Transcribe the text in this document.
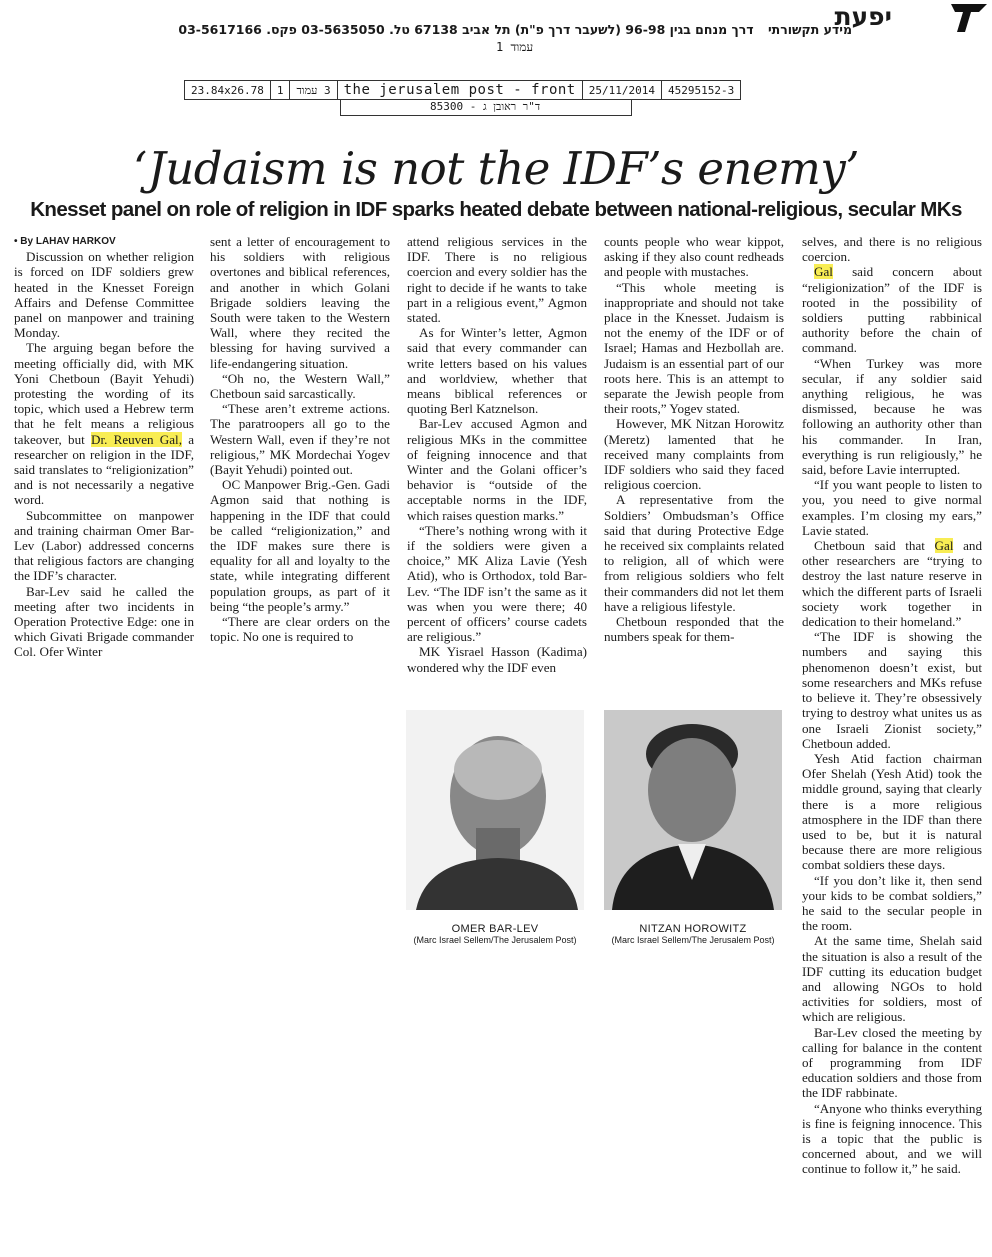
יפעת
מידע תקשורתי דרך מנחם בגין 96-98 (לשעבר דרך פ"ת) תל אביב 67138 טל. 03-5635050 פקס. 03-5617166
עמוד 1
23.84x26.78	1	3 עמוד	the jerusalem post - front	25/11/2014	45295152-3
ד"ר ראובן ג - 85300
‘Judaism is not the IDF’s enemy’
Knesset panel on role of religion in IDF sparks heated debate between national-religious, secular MKs

• By LAHAV HARKOV

Discussion on whether religion is forced on IDF soldiers grew heated in the Knesset Foreign Affairs and Defense Committee panel on manpower and training Monday.

The arguing began before the meeting officially did, with MK Yoni Chetboun (Bayit Yehudi) protesting the wording of its topic, which used a Hebrew term that he felt means a religious takeover, but Dr. Reuven Gal, a researcher on religion in the IDF, said translates to “religionization” and is not necessarily a negative word.

Subcommittee on manpower and training chairman Omer Bar-Lev (Labor) addressed concerns that religious factors are changing the IDF’s character.

Bar-Lev said he called the meeting after two incidents in Operation Protective Edge: one in which Givati Brigade commander Col. Ofer Winter

sent a letter of encouragement to his soldiers with religious overtones and biblical references, and another in which Golani Brigade soldiers leaving the South were taken to the Western Wall, where they recited the blessing for having survived a life-endangering situation.

“Oh no, the Western Wall,” Chetboun said sarcastically.

“These aren’t extreme actions. The paratroopers all go to the Western Wall, even if they’re not religious,” MK Mordechai Yogev (Bayit Yehudi) pointed out.

OC Manpower Brig.-Gen. Gadi Agmon said that nothing is happening in the IDF that could be called “religionization,” and the IDF makes sure there is equality for all and loyalty to the state, while integrating different population groups, as part of it being “the people’s army.”

“There are clear orders on the topic. No one is required to

attend religious services in the IDF. There is no religious coercion and every soldier has the right to decide if he wants to take part in a religious event,” Agmon stated.

As for Winter’s letter, Agmon said that every commander can write letters based on his values and worldview, whether that means biblical references or quoting Berl Katznelson.

Bar-Lev accused Agmon and religious MKs in the committee of feigning innocence and that Winter and the Golani officer’s behavior is “outside of the acceptable norms in the IDF, which raises question marks.”

“There’s nothing wrong with it if the soldiers were given a choice,” MK Aliza Lavie (Yesh Atid), who is Orthodox, told Bar-Lev. “The IDF isn’t the same as it was when you were there; 40 percent of officers’ course cadets are religious.”

MK Yisrael Hasson (Kadima) wondered why the IDF even

counts people who wear kippot, asking if they also count redheads and people with mustaches.

“This whole meeting is inappropriate and should not take place in the Knesset. Judaism is not the enemy of the IDF or of Israel; Hamas and Hezbollah are. Judaism is an essential part of our roots here. This is an attempt to separate the Jewish people from their roots,” Yogev stated.

However, MK Nitzan Horowitz (Meretz) lamented that he received many complaints from IDF soldiers who said they faced religious coercion.

A representative from the Soldiers’ Ombudsman’s Office said that during Protective Edge he received six complaints related to religion, all of which were from religious soldiers who felt their commanders did not let them have a religious lifestyle.

Chetboun responded that the numbers speak for them-

OMER BAR-LEV
(Marc Israel Sellem/The Jerusalem Post)
NITZAN HOROWITZ
(Marc Israel Sellem/The Jerusalem Post)

selves, and there is no religious coercion.

Gal said concern about “religionization” of the IDF is rooted in the possibility of soldiers putting rabbinical authority before the chain of command.

“When Turkey was more secular, if any soldier said anything religious, he was dismissed, because he was following an authority other than his commander. In Iran, everything is run religiously,” he said, before Lavie interrupted.

“If you want people to listen to you, you need to give normal examples. I’m closing my ears,” Lavie stated.

Chetboun said that Gal and other researchers are “trying to destroy the last nature reserve in which the different parts of Israeli society work together in dedication to their homeland.”

“The IDF is showing the numbers and saying this phenomenon doesn’t exist, but some researchers and MKs refuse to believe it. They’re obsessively trying to destroy what unites us as one Israeli Zionist society,” Chetboun added.

Yesh Atid faction chairman Ofer Shelah (Yesh Atid) took the middle ground, saying that clearly there is a more religious atmosphere in the IDF than there used to be, but it is natural because there are more religious combat soldiers these days.

“If you don’t like it, then send your kids to be combat soldiers,” he said to the secular people in the room.

At the same time, Shelah said the situation is also a result of the IDF cutting its education budget and allowing NGOs to hold activities for soldiers, most of which are religious.

Bar-Lev closed the meeting by calling for balance in the content of programming from IDF education soldiers and those from the IDF rabbinate.

“Anyone who thinks everything is fine is feigning innocence. This is a topic that the public is concerned about, and we will continue to follow it,” he said.
